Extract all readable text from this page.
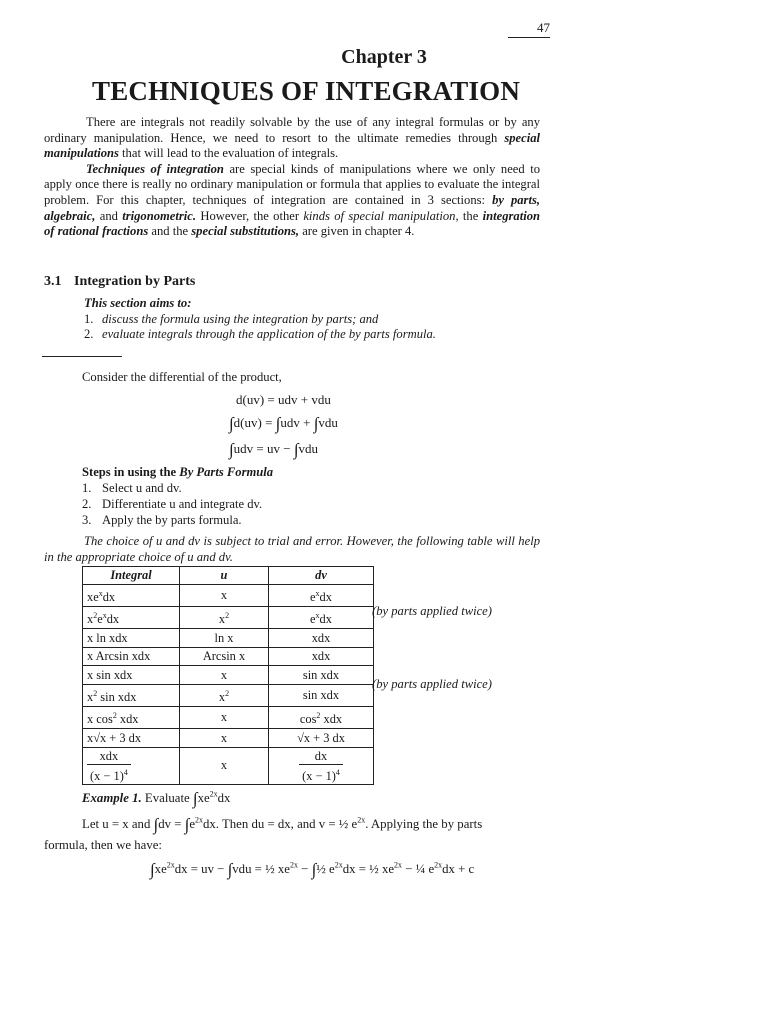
47
Chapter 3
TECHNIQUES OF INTEGRATION

There are integrals not readily solvable by the use of any integral formulas or by any ordinary manipulation. Hence, we need to resort to the ultimate remedies through special manipulations that will lead to the evaluation of integrals.

Techniques of integration are special kinds of manipulations where we only need to apply once there is really no ordinary manipulation or formula that applies to evaluate the integral problem. For this chapter, techniques of integration are contained in 3 sections: by parts, algebraic, and trigonometric. However, the other kinds of special manipulation, the integration of rational fractions and the special substitutions, are given in chapter 4.

3.1 Integration by Parts
This section aims to:
1. discuss the formula using the integration by parts; and
2. evaluate integrals through the application of the by parts formula.
Consider the differential of the product,
d(uv) = udv + vdu
∫d(uv) = ∫udv + ∫vdu
∫udv = uv − ∫vdu
Steps in using the By Parts Formula
1. Select u and dv.
2. Differentiate u and integrate dv.
3. Apply the by parts formula.
The choice of u and dv is subject to trial and error. However, the following table will help in the appropriate choice of u and dv.
Integral	u	dv
$xe^xdx$	x	$e^xdx$
$x^2e^xdx$	$x^2$	$e^xdx$
x ln xdx	ln x	xdx
x Arcsin xdx	Arcsin x	xdx
x sin xdx	x	sin xdx
$x^2$ sin xdx	$x^2$	sin xdx
x $\cos^2$ xdx	x	$\cos^2$ xdx
x√x + 3 dx	x	√x + 3 dx

$\frac{\text{xdx}}{(x - 1)^4}$	x	$\frac{dx}{(x - 1)^4}$
(by parts applied twice)
(by parts applied twice)
Example 1. Evaluate $\int xe^{2x}dx$
Let u = x and $\int dv = \int e^{2x}dx$. Then du = dx, and v = ½ $e^{2x}$. Applying the by parts
formula, then we have:
$\int xe^{2x}dx$ = uv − ∫vdu = ½ $xe^{2x}$ − ∫½ $e^{2x}dx$ = ½ $xe^{2x}$ − ¼ $e^{2x}dx + c$
